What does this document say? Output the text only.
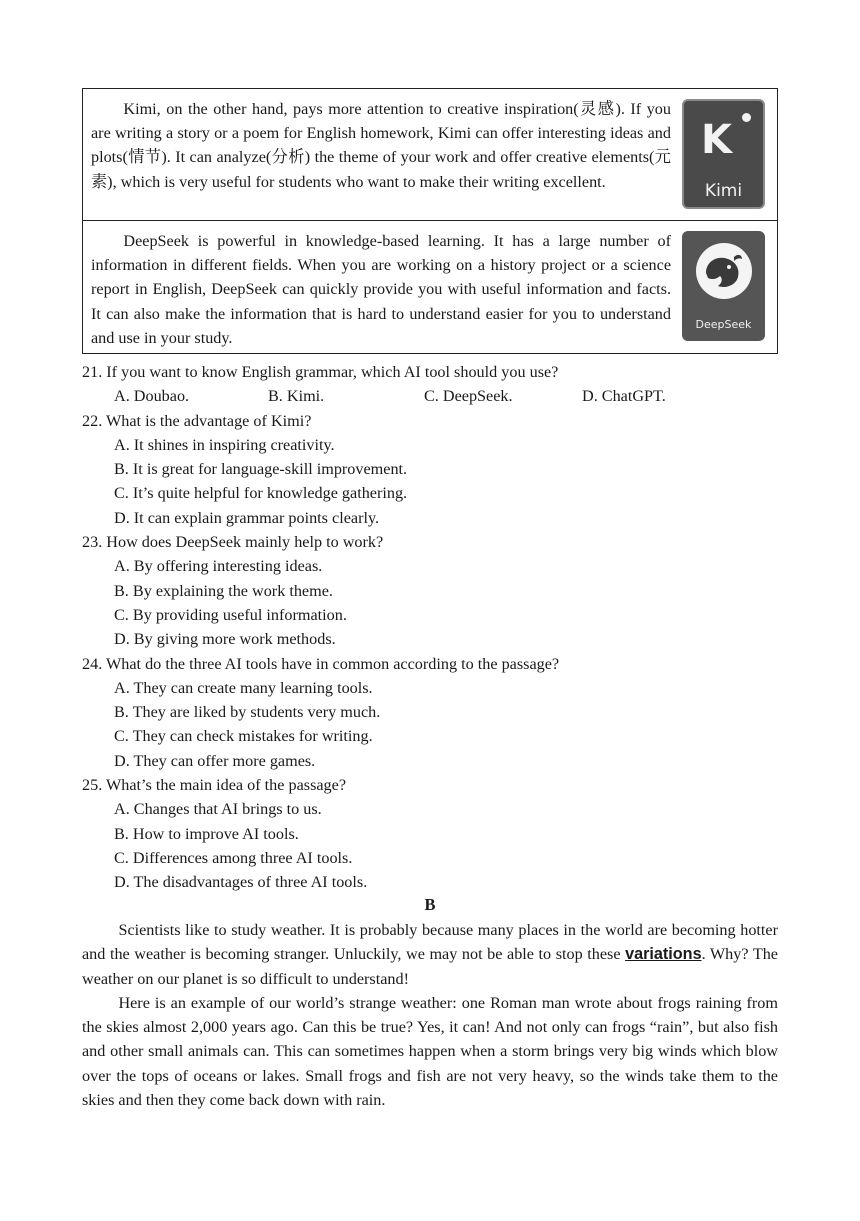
Kimi, on the other hand, pays more attention to creative inspiration(灵感). If you are writing a story or a poem for English homework, Kimi can offer interesting ideas and plots(情节). It can analyze(分析) the theme of your work and offer creative elements(元素), which is very useful for students who want to make their writing excellent.

K
Kimi

DeepSeek is powerful in knowledge-based learning. It has a large number of information in different fields. When you are working on a history project or a science report in English, DeepSeek can quickly provide you with useful information and facts. It can also make the information that is hard to understand easier for you to understand and use in your study.

DeepSeek
21. If you want to know English grammar, which AI tool should you use?
A. Doubao.	B. Kimi.	C. DeepSeek.	D. ChatGPT.
22. What is the advantage of Kimi?
A. It shines in inspiring creativity.
B. It is great for language-skill improvement.
C. It’s quite helpful for knowledge gathering.
D. It can explain grammar points clearly.
23. How does DeepSeek mainly help to work?
A. By offering interesting ideas.
B. By explaining the work theme.
C. By providing useful information.
D. By giving more work methods.
24. What do the three AI tools have in common according to the passage?
A. They can create many learning tools.
B. They are liked by students very much.
C. They can check mistakes for writing.
D. They can offer more games.
25. What’s the main idea of the passage?
A. Changes that AI brings to us.
B. How to improve AI tools.
C. Differences among three AI tools.
D. The disadvantages of three AI tools.
B

Scientists like to study weather. It is probably because many places in the world are becoming hotter and the weather is becoming stranger. Unluckily, we may not be able to stop these variations. Why? The weather on our planet is so difficult to understand!

Here is an example of our world’s strange weather: one Roman man wrote about frogs raining from the skies almost 2,000 years ago. Can this be true? Yes, it can! And not only can frogs “rain”, but also fish and other small animals can. This can sometimes happen when a storm brings very big winds which blow over the tops of oceans or lakes. Small frogs and fish are not very heavy, so the winds take them to the skies and then they come back down with rain.
